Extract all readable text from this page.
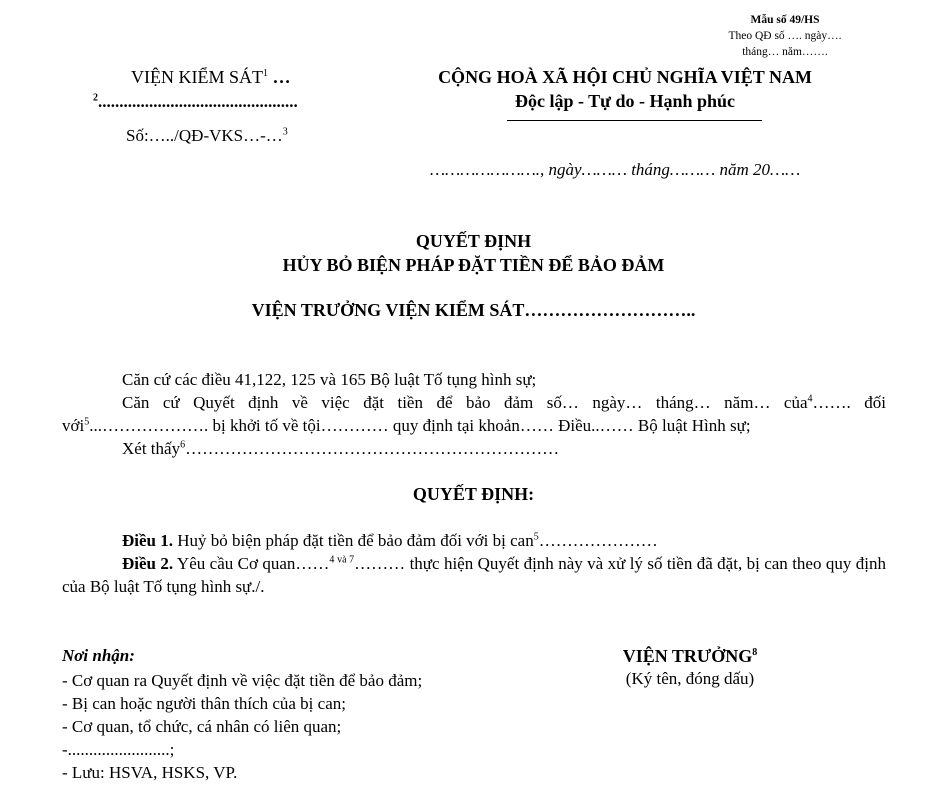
Mẫu số 49/HS
Theo QĐ số …. ngày….
tháng… năm…….
VIỆN KIỂM SÁT$^1$ …
$^2$...............................................
Số:…../QĐ-VKS…-…$^3$
CỘNG HOÀ XÃ HỘI CHỦ NGHĨA VIỆT NAM
Độc lập - Tự do - Hạnh phúc
…………………., ngày……… tháng……… năm 20……
QUYẾT ĐỊNH
HỦY BỎ BIỆN PHÁP ĐẶT TIỀN ĐỂ BẢO ĐẢM
VIỆN TRƯỞNG VIỆN KIỂM SÁT………………………..
Căn cứ các điều 41,122, 125 và 165 Bộ luật Tố tụng hình sự;
Căn cứ Quyết định về việc đặt tiền để bảo đảm số… ngày… tháng… năm… của$^4$……. đối với$^5$...………………. bị khởi tố về tội………… quy định tại khoản…… Điều..…… Bộ luật Hình sự;
Xét thấy$^6$…………………………………………………………
QUYẾT ĐỊNH:
Điều 1. Huỷ bỏ biện pháp đặt tiền để bảo đảm đối với bị can$^5$…………………
Điều 2. Yêu cầu Cơ quan……$^{4 và 7}$……… thực hiện Quyết định này và xử lý số tiền đã đặt, bị can theo quy định của Bộ luật Tố tụng hình sự./.
Nơi nhận:
- Cơ quan ra Quyết định về việc đặt tiền để bảo đảm;
- Bị can hoặc người thân thích của bị can;
- Cơ quan, tổ chức, cá nhân có liên quan;
-........................;
- Lưu: HSVA, HSKS, VP.
VIỆN TRƯỞNG$^8$
(Ký tên, đóng dấu)
